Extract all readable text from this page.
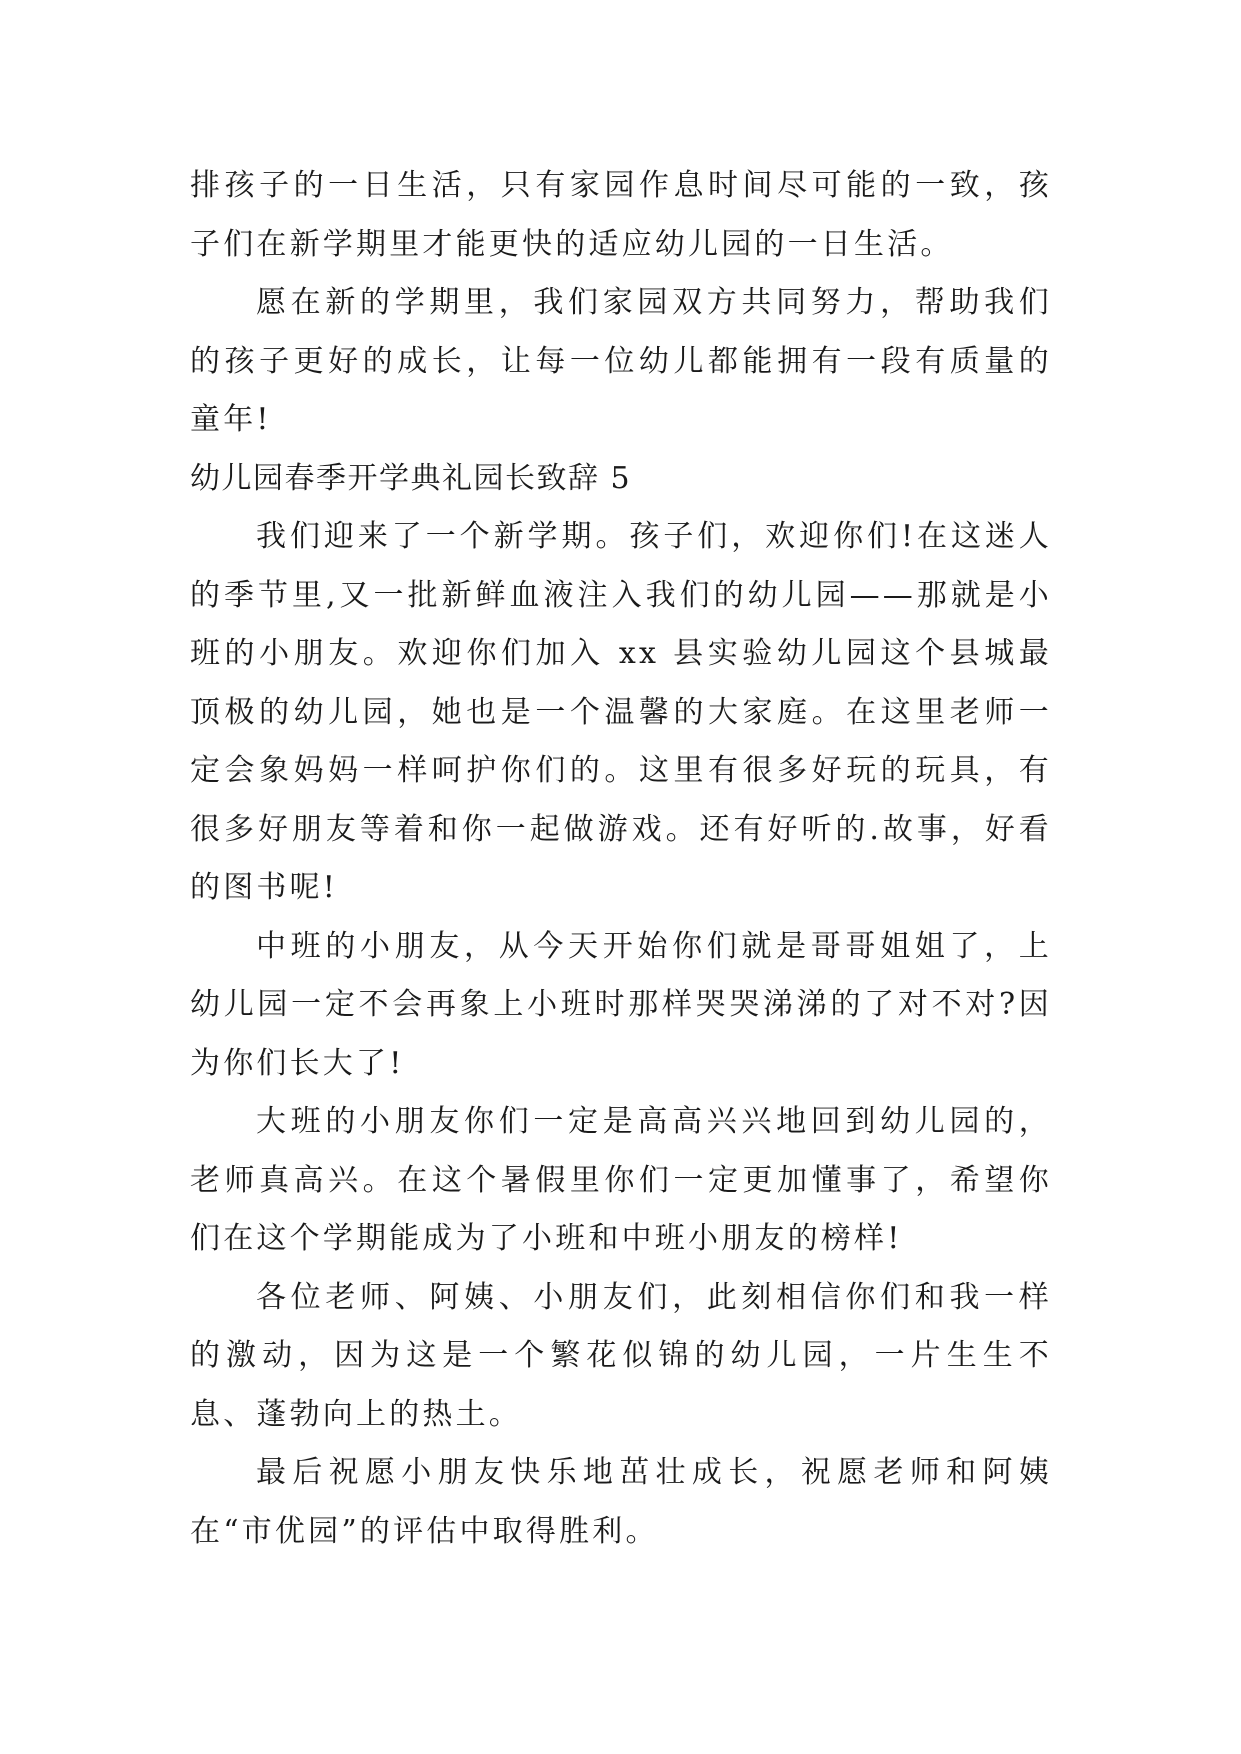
排孩子的一日生活，只有家园作息时间尽可能的一致，孩子们在新学期里才能更快的适应幼儿园的一日生活。

愿在新的学期里，我们家园双方共同努力，帮助我们的孩子更好的成长，让每一位幼儿都能拥有一段有质量的童年!

幼儿园春季开学典礼园长致辞 5

我们迎来了一个新学期。孩子们，欢迎你们!在这迷人的季节里,又一批新鲜血液注入我们的幼儿园——那就是小班的小朋友。欢迎你们加入 xx 县实验幼儿园这个县城最顶极的幼儿园，她也是一个温馨的大家庭。在这里老师一定会象妈妈一样呵护你们的。这里有很多好玩的玩具，有很多好朋友等着和你一起做游戏。还有好听的.故事，好看的图书呢!

中班的小朋友，从今天开始你们就是哥哥姐姐了，上幼儿园一定不会再象上小班时那样哭哭涕涕的了对不对?因为你们长大了!

大班的小朋友你们一定是高高兴兴地回到幼儿园的，老师真高兴。在这个暑假里你们一定更加懂事了，希望你们在这个学期能成为了小班和中班小朋友的榜样!

各位老师、阿姨、小朋友们，此刻相信你们和我一样的激动，因为这是一个繁花似锦的幼儿园，一片生生不息、蓬勃向上的热土。

最后祝愿小朋友快乐地茁壮成长，祝愿老师和阿姨在“市优园”的评估中取得胜利。
